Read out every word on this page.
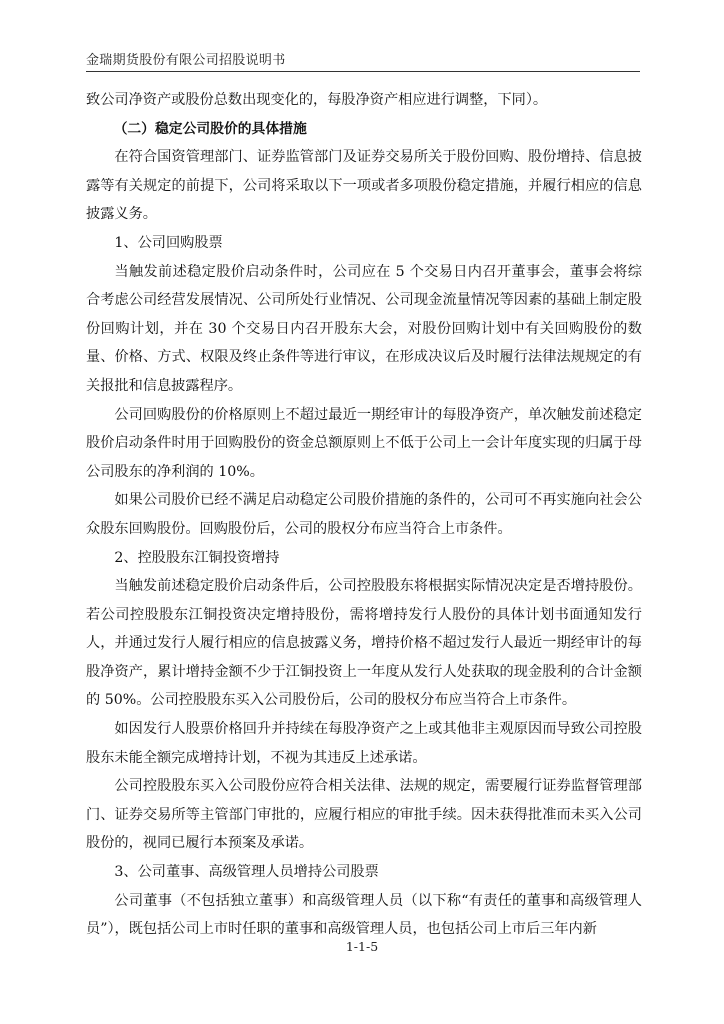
金瑞期货股份有限公司招股说明书

致公司净资产或股份总数出现变化的，每股净资产相应进行调整，下同）。

（二）稳定公司股价的具体措施

在符合国资管理部门、证券监管部门及证券交易所关于股份回购、股份增持、信息披露等有关规定的前提下，公司将采取以下一项或者多项股份稳定措施，并履行相应的信息披露义务。

1、公司回购股票

当触发前述稳定股价启动条件时，公司应在 5 个交易日内召开董事会，董事会将综合考虑公司经营发展情况、公司所处行业情况、公司现金流量情况等因素的基础上制定股份回购计划，并在 30 个交易日内召开股东大会，对股份回购计划中有关回购股份的数量、价格、方式、权限及终止条件等进行审议，在形成决议后及时履行法律法规规定的有关报批和信息披露程序。

公司回购股份的价格原则上不超过最近一期经审计的每股净资产，单次触发前述稳定股价启动条件时用于回购股份的资金总额原则上不低于公司上一会计年度实现的归属于母公司股东的净利润的 10%。

如果公司股价已经不满足启动稳定公司股价措施的条件的，公司可不再实施向社会公众股东回购股份。回购股份后，公司的股权分布应当符合上市条件。

2、控股股东江铜投资增持

当触发前述稳定股价启动条件后，公司控股股东将根据实际情况决定是否增持股份。若公司控股股东江铜投资决定增持股份，需将增持发行人股份的具体计划书面通知发行人，并通过发行人履行相应的信息披露义务，增持价格不超过发行人最近一期经审计的每股净资产，累计增持金额不少于江铜投资上一年度从发行人处获取的现金股利的合计金额的 50%。公司控股股东买入公司股份后，公司的股权分布应当符合上市条件。

如因发行人股票价格回升并持续在每股净资产之上或其他非主观原因而导致公司控股股东未能全额完成增持计划，不视为其违反上述承诺。

公司控股股东买入公司股份应符合相关法律、法规的规定，需要履行证券监督管理部门、证券交易所等主管部门审批的，应履行相应的审批手续。因未获得批准而未买入公司股份的，视同已履行本预案及承诺。

3、公司董事、高级管理人员增持公司股票

公司董事（不包括独立董事）和高级管理人员（以下称“有责任的董事和高级管理人员”），既包括公司上市时任职的董事和高级管理人员，也包括公司上市后三年内新

1-1-5
